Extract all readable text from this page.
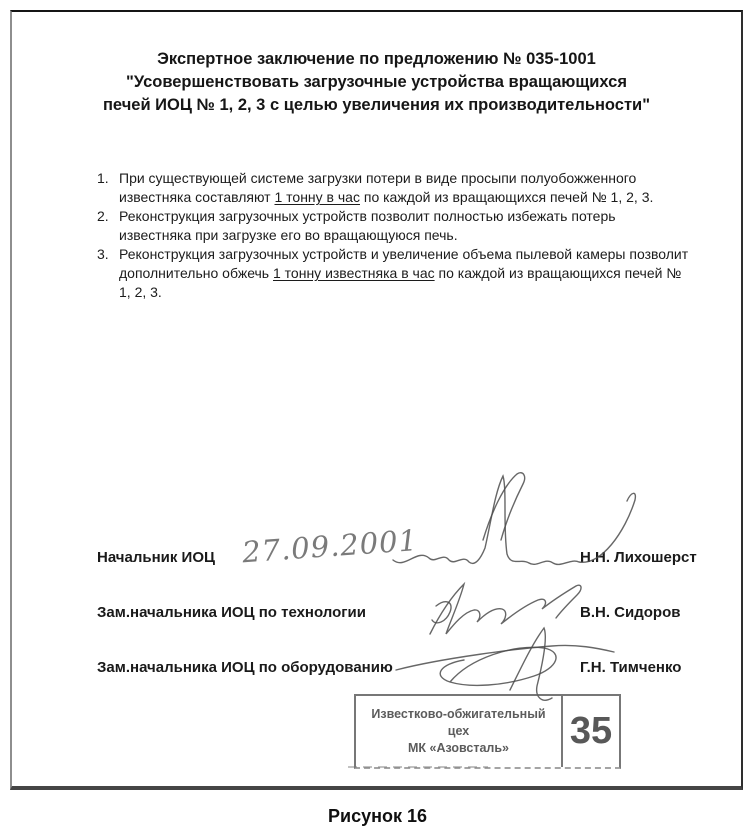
Экспертное заключение по предложению № 035-1001
"Усовершенствовать загрузочные устройства вращающихся
печей ИОЦ № 1, 2, 3 с целью увеличения их производительности"
1. При существующей системе загрузки потери в виде просыпи полуобожженного известняка составляют 1 тонну в час по каждой из вращающихся печей № 1, 2, 3.
2. Реконструкция загрузочных устройств позволит полностью избежать потерь известняка при загрузке его во вращающуюся печь.
3. Реконструкция загрузочных устройств и увеличение объема пылевой камеры позволит дополнительно обжечь 1 тонну известняка в час по каждой из вращающихся печей № 1, 2, 3.
Начальник ИОЦ	Н.Н. Лихошерст
Зам.начальника ИОЦ по технологии	В.Н. Сидоров
Зам.начальника ИОЦ по оборудованию	Г.Н. Тимченко
27.09.2001
Известково-обжигательный цех
МК «Азовсталь»	35
Рисунок 16
